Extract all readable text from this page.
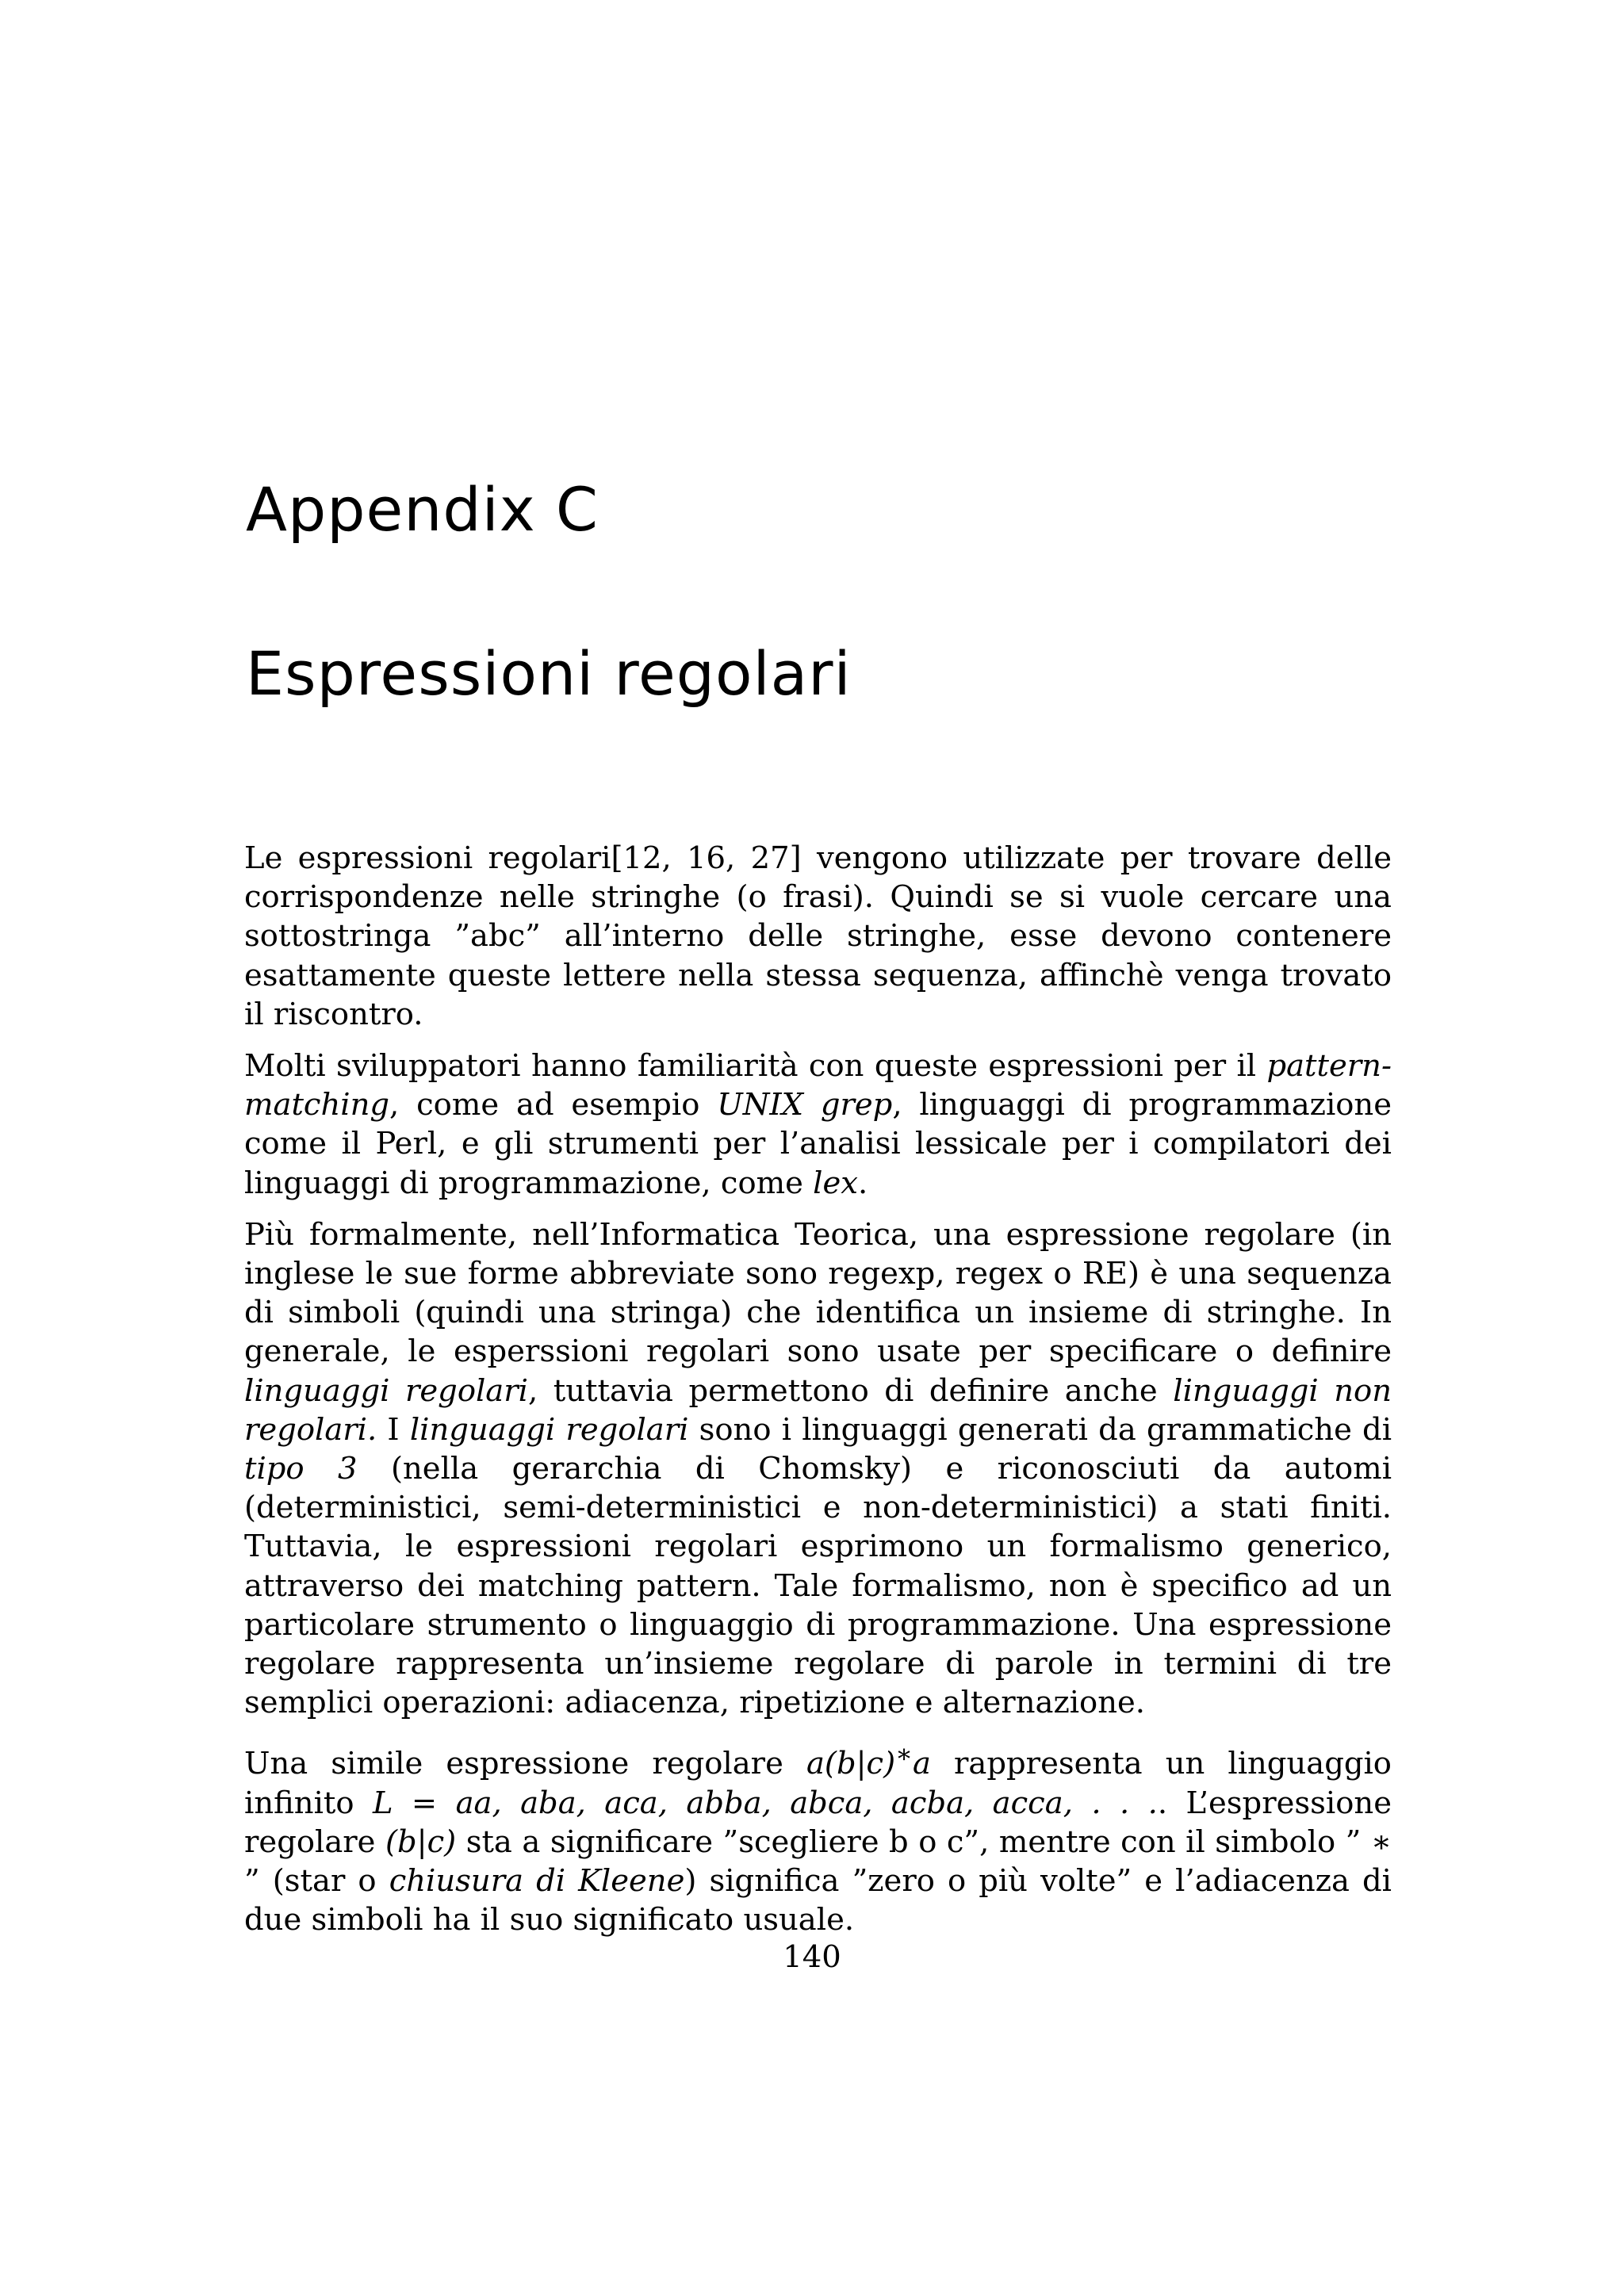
Appendix C
Espressioni regolari

Le espressioni regolari[12, 16, 27] vengono utilizzate per trovare delle corrispondenze nelle stringhe (o frasi). Quindi se si vuole cercare una sottostringa ”abc” all’interno delle stringhe, esse devono contenere esattamente queste lettere nella stessa sequenza, affinchè venga trovato il riscontro.

Molti sviluppatori hanno familiarità con queste espressioni per il pattern-matching, come ad esempio UNIX grep, linguaggi di programmazione come il Perl, e gli strumenti per l’analisi lessicale per i compilatori dei linguaggi di programmazione, come lex.

Più formalmente, nell’Informatica Teorica, una espressione regolare (in inglese le sue forme abbreviate sono regexp, regex o RE) è una sequenza di simboli (quindi una stringa) che identifica un insieme di stringhe. In generale, le esperssioni regolari sono usate per specificare o definire linguaggi regolari, tuttavia permettono di definire anche linguaggi non regolari. I linguaggi regolari sono i linguaggi generati da grammatiche di tipo 3 (nella gerarchia di Chomsky) e riconosciuti da automi (deterministici, semi-deterministici e non-deterministici) a stati finiti. Tuttavia, le espressioni regolari esprimono un formalismo generico, attraverso dei matching pattern. Tale formalismo, non è specifico ad un particolare strumento o linguaggio di programmazione. Una espressione regolare rappresenta un’insieme regolare di parole in termini di tre semplici operazioni: adiacenza, ripetizione e alternazione.

Una simile espressione regolare a(b|c)∗a rappresenta un linguaggio infinito L = aa, aba, aca, abba, abca, acba, acca, . . .. L’espressione regolare (b|c) sta a significare ”scegliere b o c”, mentre con il simbolo ” ∗ ” (star o chiusura di Kleene) significa ”zero o più volte” e l’adiacenza di due simboli ha il suo significato usuale.

140
